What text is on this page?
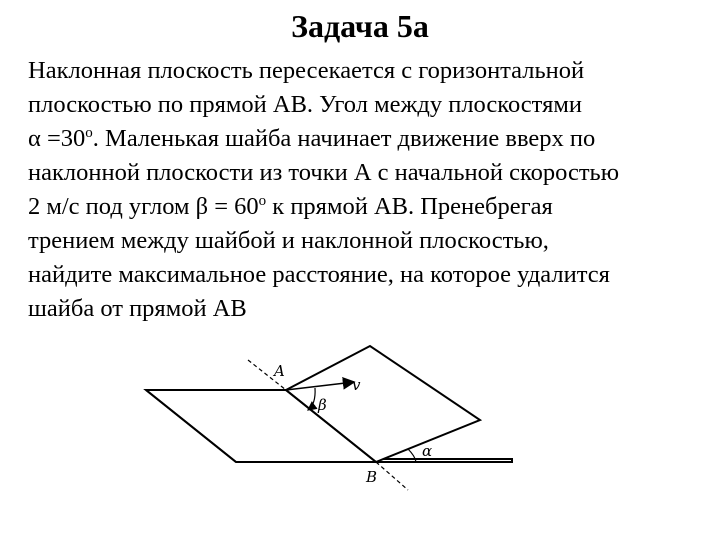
Задача 5а
Наклонная плоскость пересекается с горизонтальной
плоскостью по прямой АВ. Угол между плоскостями
$\alpha =30^о$. Маленькая шайба начинает движение вверх по
наклонной плоскости из точки А с начальной скоростью
2 м/с под углом $\beta = 60^о$ к прямой АВ. Пренебрегая
трением между шайбой и наклонной плоскостью,
найдите максимальное расстояние, на которое удалится
шайба от прямой АВ
A
B
v
β
α
